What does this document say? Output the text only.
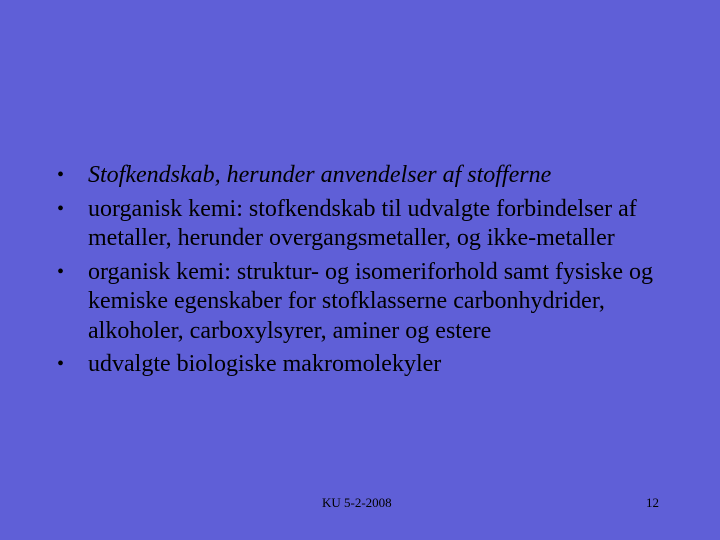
• Stofkendskab, herunder anvendelser af stofferne
• uorganisk kemi: stofkendskab til udvalgte forbindelser af metaller, herunder overgangsmetaller, og ikke-metaller
• organisk kemi: struktur- og isomeriforhold samt fysiske og kemiske egenskaber for stofklasserne carbonhydrider, alkoholer, carboxylsyrer, aminer og estere
• udvalgte biologiske makromolekyler
KU 5-2-2008	12
